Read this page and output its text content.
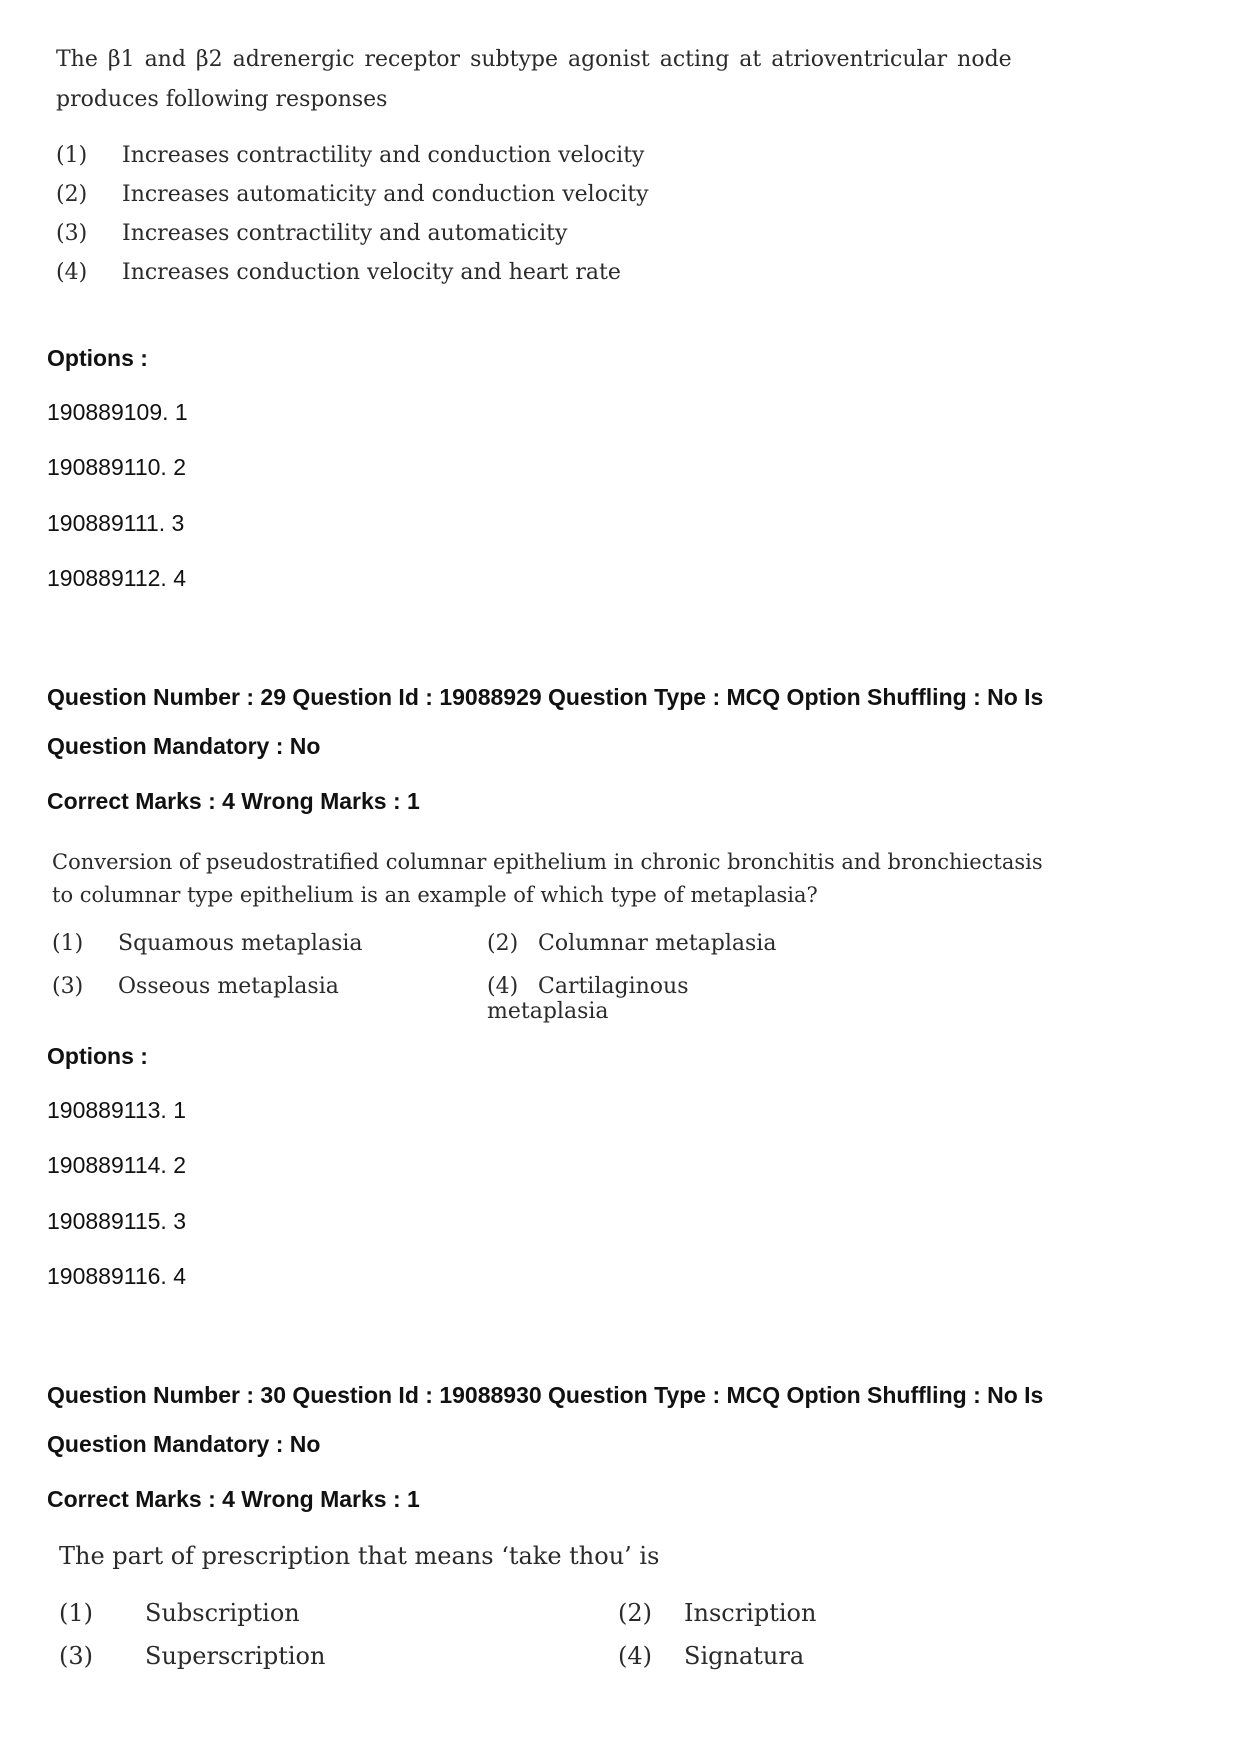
The β1 and β2 adrenergic receptor subtype agonist acting at atrioventricular node
produces following responses
(1) Increases contractility and conduction velocity
(2) Increases automaticity and conduction velocity
(3) Increases contractility and automaticity
(4) Increases conduction velocity and heart rate
Options :
190889109. 1
190889110. 2
190889111. 3
190889112. 4
Question Number : 29 Question Id : 19088929 Question Type : MCQ Option Shuffling : No Is
Question Mandatory : No
Correct Marks : 4 Wrong Marks : 1
Conversion of pseudostratified columnar epithelium in chronic bronchitis and bronchiectasis
to columnar type epithelium is an example of which type of metaplasia?
(1) Squamous metaplasia	(2) Columnar metaplasia
(3) Osseous metaplasia	(4) Cartilaginous metaplasia
Options :
190889113. 1
190889114. 2
190889115. 3
190889116. 4
Question Number : 30 Question Id : 19088930 Question Type : MCQ Option Shuffling : No Is
Question Mandatory : No
Correct Marks : 4 Wrong Marks : 1
The part of prescription that means ‘take thou’ is
(1) Subscription	(2) Inscription
(3) Superscription	(4) Signatura
